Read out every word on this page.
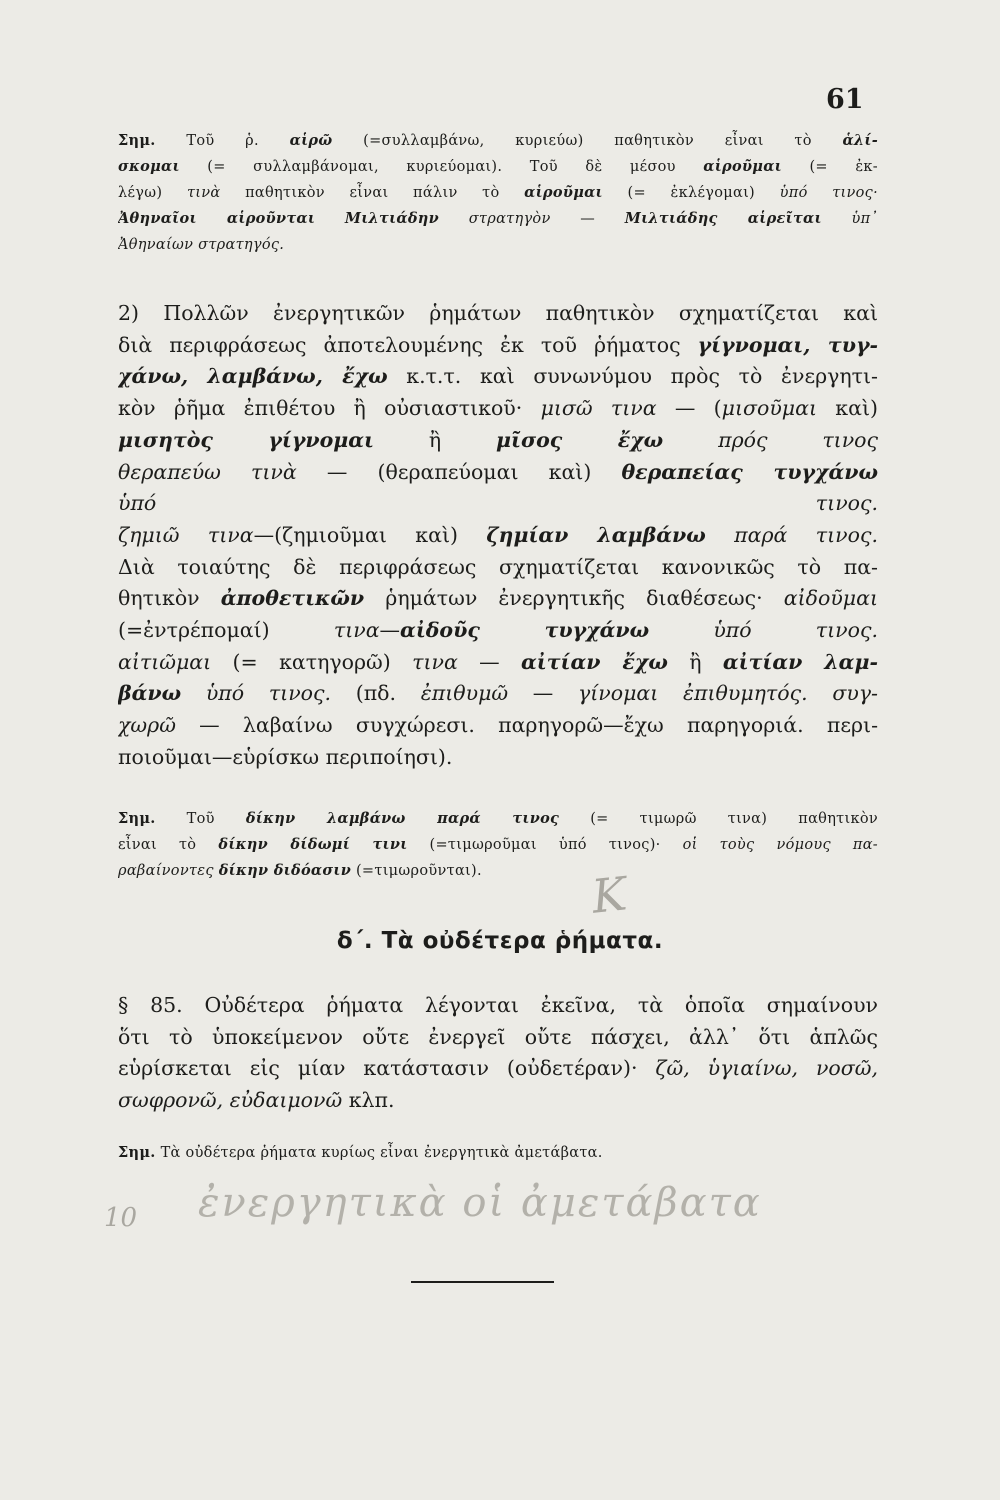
61
Σημ. Τοῦ ῥ. αἱρῶ (=συλλαμβάνω, κυριεύω) παθητικὸν εἶναι τὸ ἁλί-
σκομαι (= συλλαμβάνομαι, κυριεύομαι). Τοῦ δὲ μέσου αἱροῦμαι (= ἐκ-
λέγω) τινὰ παθητικὸν εἶναι πάλιν τὸ αἱροῦμαι (= ἐκλέγομαι) ὑπό τινος·
Ἀθηναῖοι αἱροῦνται Μιλτιάδην στρατηγὸν — Μιλτιάδης αἱρεῖται ὑπ᾿
Ἀθηναίων στρατηγός.
2) Πολλῶν ἐνεργητικῶν ῥημάτων παθητικὸν σχηματίζεται καὶ
διὰ περιφράσεως ἀποτελουμένης ἐκ τοῦ ῥήματος γίγνομαι, τυγ-
χάνω, λαμβάνω, ἔχω κ.τ.τ. καὶ συνωνύμου πρὸς τὸ ἐνεργητι-
κὸν ῥῆμα ἐπιθέτου ἢ οὐσιαστικοῦ· μισῶ τινα — (μισοῦμαι καὶ)
μισητὸς γίγνομαι ἢ μῖσος ἔχω	πρός τινος
θεραπεύω τινὰ — (θεραπεύομαι καὶ) θεραπείας τυγχάνω
ὑπό τινος.
ζημιῶ τινα—(ζημιοῦμαι καὶ) ζημίαν λαμβάνω παρά τινος.
Διὰ τοιαύτης δὲ περιφράσεως σχηματίζεται κανονικῶς τὸ πα-
θητικὸν ἀποθετικῶν ῥημάτων ἐνεργητικῆς διαθέσεως· αἰδοῦμαι
(=ἐντρέπομαί) τινα—αἰδοῦς τυγχάνω	ὑπό τινος.
αἰτιῶμαι (= κατηγορῶ) τινα — αἰτίαν ἔχω ἢ αἰτίαν λαμ-
βάνω ὑπό τινος. (πδ. ἐπιθυμῶ — γίνομαι ἐπιθυμητός. συγ-
χωρῶ — λαβαίνω συγχώρεσι. παρηγορῶ—ἔχω παρηγοριά. περι-
ποιοῦμαι—εὑρίσκω περιποίησι).
Σημ. Τοῦ δίκην λαμβάνω παρά τινος (= τιμωρῶ τινα) παθητικὸν
εἶναι τὸ δίκην δίδωμί τινι (=τιμωροῦμαι ὑπό τινος)· οἱ τοὺς νόμους πα-
ραβαίνοντες δίκην διδόασιν (=τιμωροῦνται).	K
δ΄. Τὰ οὐδέτερα ῥήματα.
§ 85. Οὐδέτερα ῥήματα λέγονται ἐκεῖνα, τὰ ὁποῖα σημαίνουν
ὅτι τὸ ὑποκείμενον οὔτε ἐνεργεῖ οὔτε πάσχει, ἀλλ᾿ ὅτι ἁπλῶς
εὑρίσκεται εἰς μίαν κατάστασιν (οὐδετέραν)· ζῶ, ὑγιαίνω, νοσῶ,
σωφρονῶ, εὐδαιμονῶ κλπ.
Σημ. Τὰ οὐδέτερα ῥήματα κυρίως εἶναι ἐνεργητικὰ ἀμετάβατα.
10 ἐνεργητικὰ οἱ ἀμετάβατα
